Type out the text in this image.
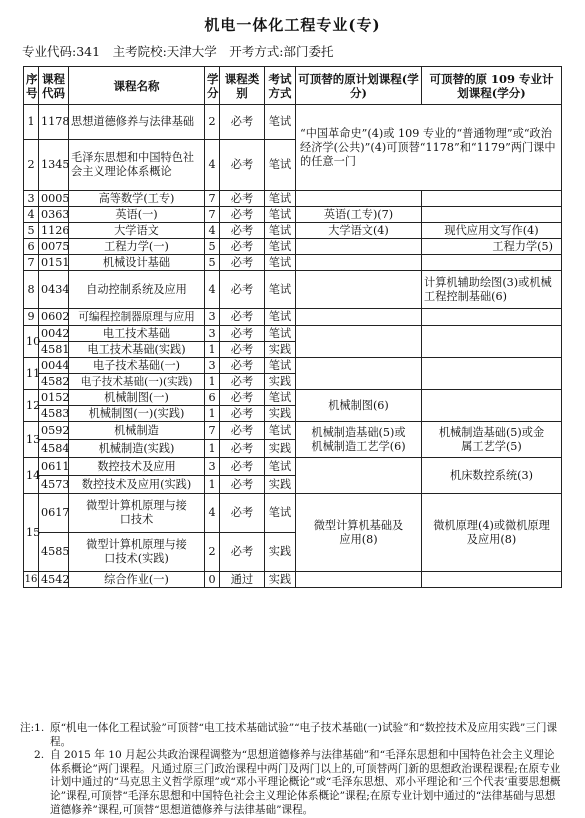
机电一体化工程专业(专)
专业代码:341　主考院校:天津大学　开考方式:部门委托
序号	课程代码	课程名称	学分	课程类别	考试方式	可顶替的原计划课程(学分)	可顶替的原 109 专业计划课程(学分)
1	1178	思想道德修养与法律基础	2	必考	笔试	“中国革命史”(4)或 109 专业的“普通物理”或“政治经济学(公共)”(4)可顶替“1178”和“1179”两门课中的任意一门	
2	1345	毛泽东思想和中国特色社会主义理论体系概论	4	必考	笔试		
3	0005	高等数学(工专)	7	必考	笔试		
4	0363	英语(一)	7	必考	笔试	英语(工专)(7)	
5	1126	大学语文	4	必考	笔试	大学语文(4)	现代应用文写作(4)
6	0075	工程力学(一)	5	必考	笔试		工程力学(5)
7	0151	机械设计基础	5	必考	笔试		
8	0434	自动控制系统及应用	4	必考	笔试		计算机辅助绘图(3)或机械工程控制基础(6)
9	0602	可编程控制器原理与应用	3	必考	笔试		
10	0042	电工技术基础	3	必考	笔试		
	4581	电工技术基础(实践)	1	必考	实践		
11	0044	电子技术基础(一)	3	必考	笔试		
	4582	电子技术基础(一)(实践)	1	必考	实践		
12	0152	机械制图(一)	6	必考	笔试	机械制图(6)	
	4583	机械制图(一)(实践)	1	必考	实践		
13	0592	机械制造	7	必考	笔试	机械制造基础(5)或机械制造工艺学(6)	机械制造基础(5)或金属工艺学(5)
	4584	机械制造(实践)	1	必考	实践		
14	0611	数控技术及应用	3	必考	笔试		机床数控系统(3)
	4573	数控技术及应用(实践)	1	必考	实践		
15	0617	微型计算机原理与接口技术	4	必考	笔试	微型计算机基础及应用(8)	微机原理(4)或微机原理及应用(8)
	4585	微型计算机原理与接口技术(实践)	2	必考	实践		
16	4542	综合作业(一)	0	通过	实践		
注:1. 原“机电一体化工程试验”可顶替“电工技术基础试验”“电子技术基础(一)试验”和“数控技术及应用实践”三门课程。
2. 自 2015 年 10 月起公共政治课程调整为“思想道德修养与法律基础”和“毛泽东思想和中国特色社会主义理论体系概论”两门课程。凡通过原三门政治课程中两门及两门以上的,可顶替两门新的思想政治课程课程;在原专业计划中通过的“马克思主义哲学原理”或“邓小平理论概论”或“毛泽东思想、邓小平理论和‘三个代表’重要思想概论”课程,可顶替“毛泽东思想和中国特色社会主义理论体系概论”课程;在原专业计划中通过的“法律基础与思想道德修养”课程,可顶替“思想道德修养与法律基础”课程。
